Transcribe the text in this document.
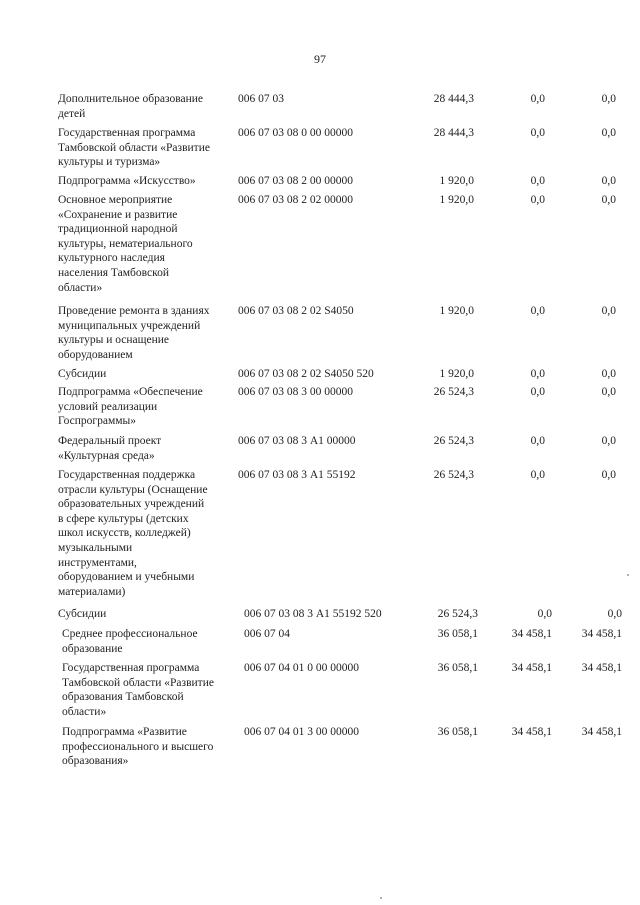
97
Дополнительное образование
детей
006 07 03	28 444,3	0,0	0,0
Государственная программа
Тамбовской области «Развитие
культуры и туризма»
006 07 03 08 0 00 00000	28 444,3	0,0	0,0
Подпрограмма «Искусство»	006 07 03 08 2 00 00000	1 920,0	0,0	0,0
Основное мероприятие
«Сохранение и развитие
традиционной народной
культуры, нематериального
культурного наследия
населения Тамбовской
области»
006 07 03 08 2 02 00000	1 920,0	0,0	0,0
Проведение ремонта в зданиях
муниципальных учреждений
культуры и оснащение
оборудованием
006 07 03 08 2 02 S4050	1 920,0	0,0	0,0
Субсидии	006 07 03 08 2 02 S4050 520	1 920,0	0,0	0,0
Подпрограмма «Обеспечение
условий реализации
Госпрограммы»
006 07 03 08 3 00 00000	26 524,3	0,0	0,0
Федеральный проект
«Культурная среда»
006 07 03 08 3 А1 00000	26 524,3	0,0	0,0
Государственная поддержка
отрасли культуры (Оснащение
образовательных учреждений
в сфере культуры (детских
школ искусств, колледжей)
музыкальными
инструментами,
оборудованием и учебными
материалами)
006 07 03 08 3 А1 55192	26 524,3	0,0	0,0
Субсидии	006 07 03 08 3 А1 55192 520	26 524,3	0,0	0,0
Среднее профессиональное
образование
006 07 04	36 058,1	34 458,1	34 458,1
Государственная программа
Тамбовской области «Развитие
образования Тамбовской
области»
006 07 04 01 0 00 00000	36 058,1	34 458,1	34 458,1
Подпрограмма «Развитие
профессионального и высшего
образования»
006 07 04 01 3 00 00000	36 058,1	34 458,1	34 458,1
